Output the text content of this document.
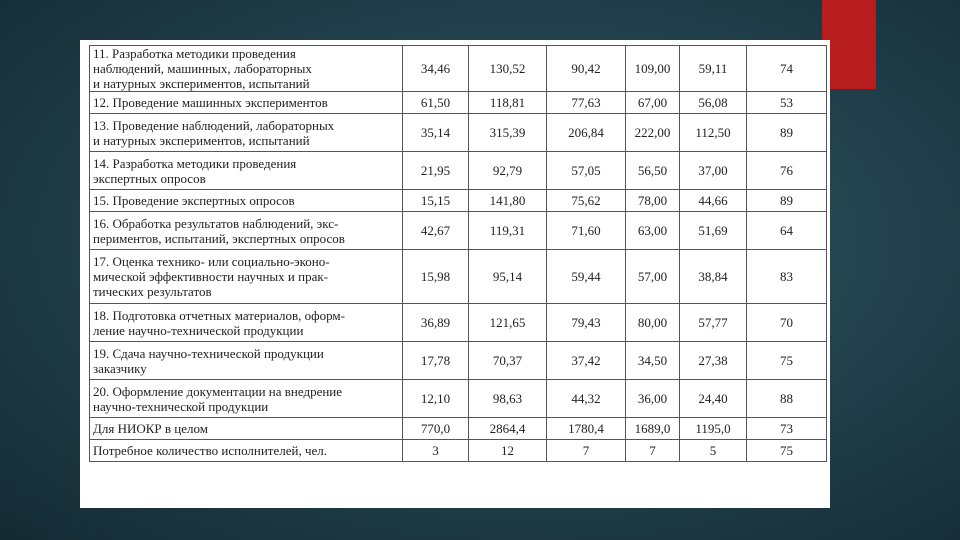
11. Разработка методики проведения
наблюдений, машинных, лабораторных
и натурных экспериментов, испытаний	34,46	130,52	90,42	109,00	59,11	74
12. Проведение машинных экспериментов	61,50	118,81	77,63	67,00	56,08	53
13. Проведение наблюдений, лабораторных
и натурных экспериментов, испытаний	35,14	315,39	206,84	222,00	112,50	89
14. Разработка методики проведения
экспертных опросов	21,95	92,79	57,05	56,50	37,00	76
15. Проведение экспертных опросов	15,15	141,80	75,62	78,00	44,66	89
16. Обработка результатов наблюдений, экс-
периментов, испытаний, экспертных опросов	42,67	119,31	71,60	63,00	51,69	64
17. Оценка технико- или социально-эконо-
мической эффективности научных и прак-
тических результатов	15,98	95,14	59,44	57,00	38,84	83
18. Подготовка отчетных материалов, оформ-
ление научно-технической продукции	36,89	121,65	79,43	80,00	57,77	70
19. Сдача научно-технической продукции
заказчику	17,78	70,37	37,42	34,50	27,38	75
20. Оформление документации на внедрение
научно-технической продукции	12,10	98,63	44,32	36,00	24,40	88
Для НИОКР в целом	770,0	2864,4	1780,4	1689,0	1195,0	73
Потребное количество исполнителей, чел.	3	12	7	7	5	75
